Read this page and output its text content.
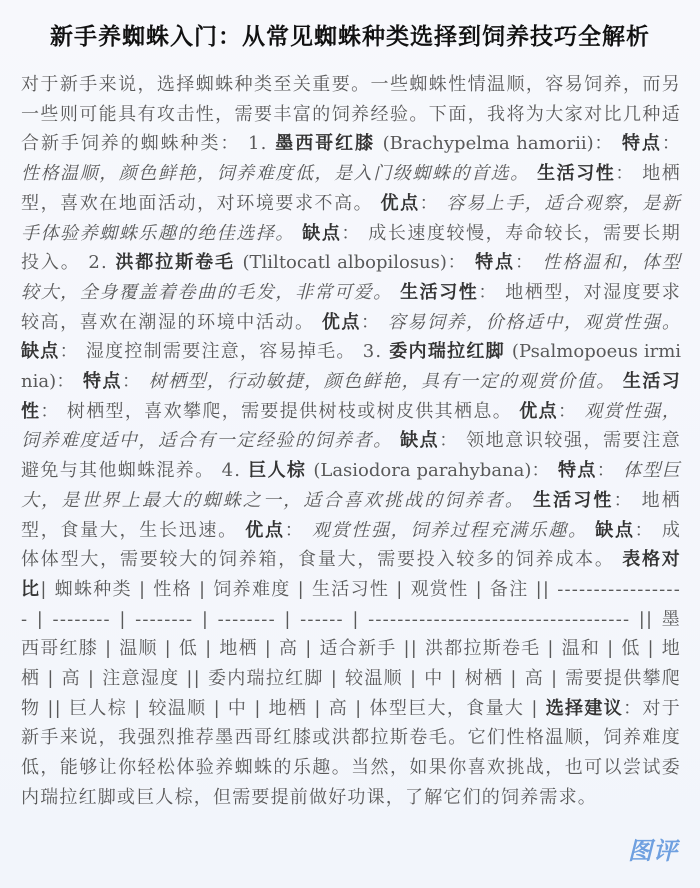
新手养蜘蛛入门：从常见蜘蛛种类选择到饲养技巧全解析
对于新手来说，选择蜘蛛种类至关重要。一些蜘蛛性情温顺，容易饲养，而另一些则可能具有攻击性，需要丰富的饲养经验。下面，我将为大家对比几种适合新手饲养的蜘蛛种类： 1. 墨西哥红膝 (Brachypelma hamorii)： 特点： 性格温顺，颜色鲜艳，饲养难度低，是入门级蜘蛛的首选。 生活习性： 地栖型，喜欢在地面活动，对环境要求不高。 优点： 容易上手，适合观察，是新手体验养蜘蛛乐趣的绝佳选择。 缺点： 成长速度较慢，寿命较长，需要长期投入。 2. 洪都拉斯卷毛 (Tliltocatl albopilosus)： 特点： 性格温和，体型较大，全身覆盖着卷曲的毛发，非常可爱。 生活习性： 地栖型，对湿度要求较高，喜欢在潮湿的环境中活动。 优点： 容易饲养，价格适中，观赏性强。 缺点： 湿度控制需要注意，容易掉毛。 3. 委内瑞拉红脚 (Psalmopoeus irminia)： 特点： 树栖型，行动敏捷，颜色鲜艳，具有一定的观赏价值。 生活习性： 树栖型，喜欢攀爬，需要提供树枝或树皮供其栖息。 优点： 观赏性强，饲养难度适中，适合有一定经验的饲养者。 缺点： 领地意识较强，需要注意避免与其他蜘蛛混养。 4. 巨人棕 (Lasiodora parahybana)： 特点： 体型巨大，是世界上最大的蜘蛛之一，适合喜欢挑战的饲养者。 生活习性： 地栖型，食量大，生长迅速。 优点： 观赏性强，饲养过程充满乐趣。 缺点： 成体体型大，需要较大的饲养箱，食量大，需要投入较多的饲养成本。 表格对比| 蜘蛛种类 | 性格 | 饲养难度 | 生活习性 | 观赏性 | 备注 || ------------------ | -------- | -------- | -------- | ------ | ------------------------------------ || 墨西哥红膝 | 温顺 | 低 | 地栖 | 高 | 适合新手 || 洪都拉斯卷毛 | 温和 | 低 | 地栖 | 高 | 注意湿度 || 委内瑞拉红脚 | 较温顺 | 中 | 树栖 | 高 | 需要提供攀爬物 || 巨人棕 | 较温顺 | 中 | 地栖 | 高 | 体型巨大，食量大 | 选择建议：对于新手来说，我强烈推荐墨西哥红膝或洪都拉斯卷毛。它们性格温顺，饲养难度低，能够让你轻松体验养蜘蛛的乐趣。当然，如果你喜欢挑战，也可以尝试委内瑞拉红脚或巨人棕，但需要提前做好功课，了解它们的饲养需求。
图评
